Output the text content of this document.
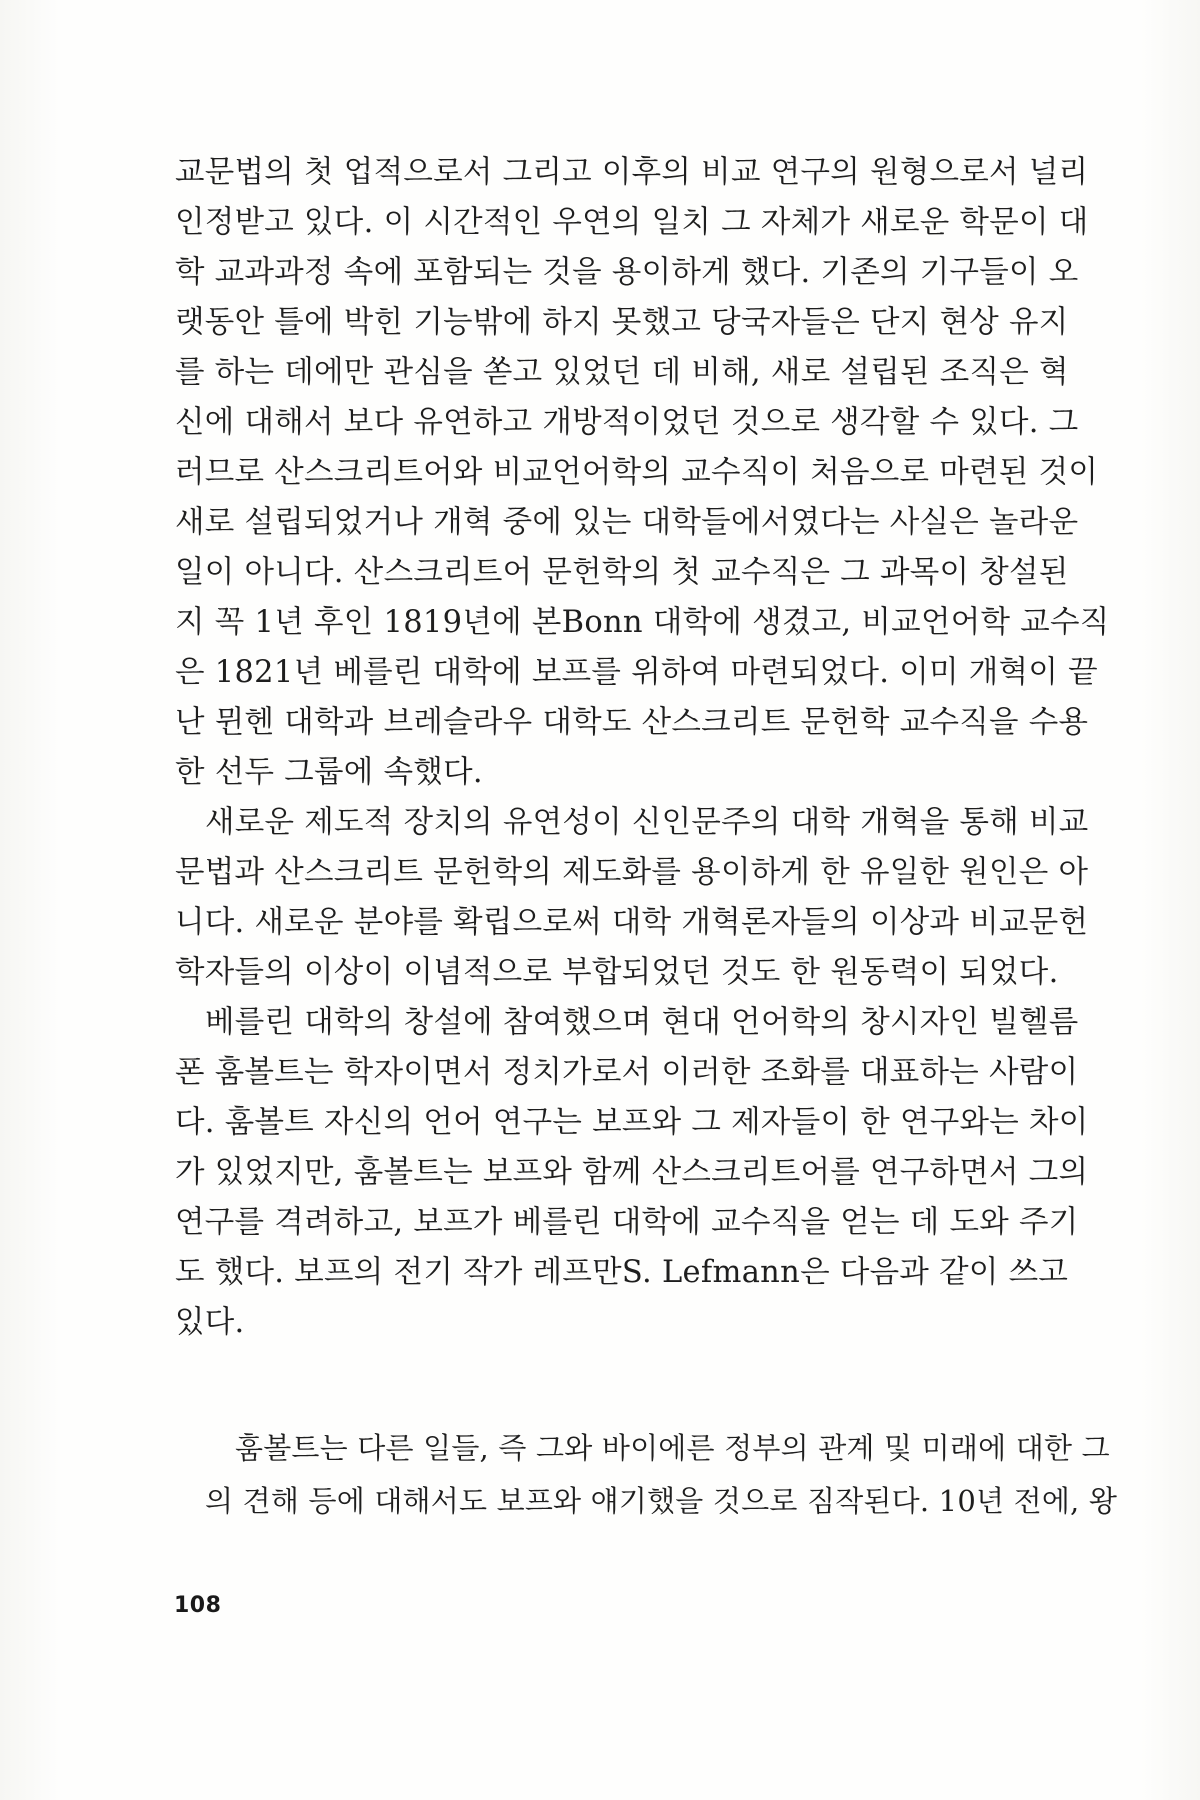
교문법의 첫 업적으로서 그리고 이후의 비교 연구의 원형으로서 널리
인정받고 있다. 이 시간적인 우연의 일치 그 자체가 새로운 학문이 대
학 교과과정 속에 포함되는 것을 용이하게 했다. 기존의 기구들이 오
랫동안 틀에 박힌 기능밖에 하지 못했고 당국자들은 단지 현상 유지
를 하는 데에만 관심을 쏟고 있었던 데 비해, 새로 설립된 조직은 혁
신에 대해서 보다 유연하고 개방적이었던 것으로 생각할 수 있다. 그
러므로 산스크리트어와 비교언어학의 교수직이 처음으로 마련된 것이
새로 설립되었거나 개혁 중에 있는 대학들에서였다는 사실은 놀라운
일이 아니다. 산스크리트어 문헌학의 첫 교수직은 그 과목이 창설된
지 꼭 1년 후인 1819년에 본Bonn 대학에 생겼고, 비교언어학 교수직
은 1821년 베를린 대학에 보프를 위하여 마련되었다. 이미 개혁이 끝
난 뮌헨 대학과 브레슬라우 대학도 산스크리트 문헌학 교수직을 수용
한 선두 그룹에 속했다.

새로운 제도적 장치의 유연성이 신인문주의 대학 개혁을 통해 비교
문법과 산스크리트 문헌학의 제도화를 용이하게 한 유일한 원인은 아
니다. 새로운 분야를 확립으로써 대학 개혁론자들의 이상과 비교문헌
학자들의 이상이 이념적으로 부합되었던 것도 한 원동력이 되었다.

베를린 대학의 창설에 참여했으며 현대 언어학의 창시자인 빌헬름
폰 훔볼트는 학자이면서 정치가로서 이러한 조화를 대표하는 사람이
다. 훔볼트 자신의 언어 연구는 보프와 그 제자들이 한 연구와는 차이
가 있었지만, 훔볼트는 보프와 함께 산스크리트어를 연구하면서 그의
연구를 격려하고, 보프가 베를린 대학에 교수직을 얻는 데 도와 주기
도 했다. 보프의 전기 작가 레프만S. Lefmann은 다음과 같이 쓰고
있다.

훔볼트는 다른 일들, 즉 그와 바이에른 정부의 관계 및 미래에 대한 그
의 견해 등에 대해서도 보프와 얘기했을 것으로 짐작된다. 10년 전에, 왕
108
